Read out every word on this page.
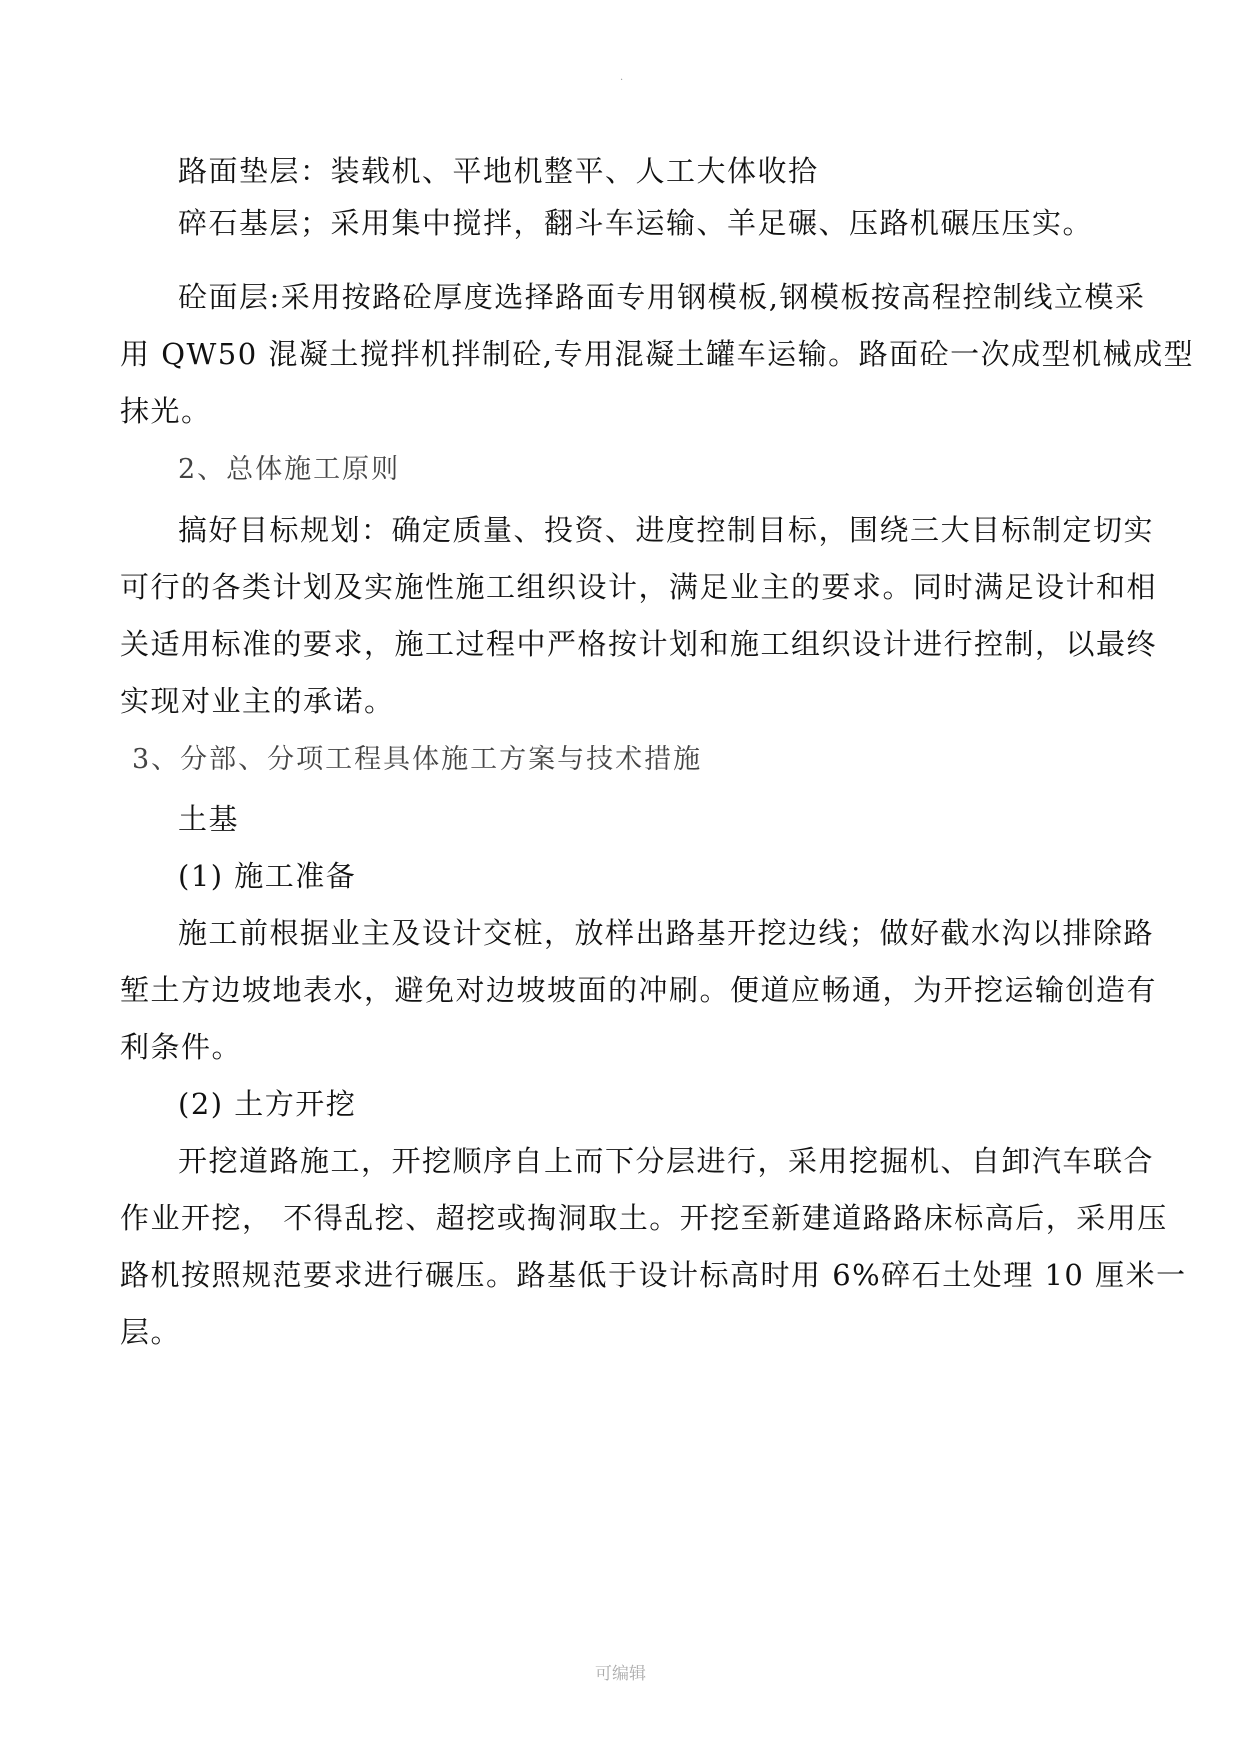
.
路面垫层：装载机、平地机整平、人工大体收拾
碎石基层；采用集中搅拌，翻斗车运输、羊足碾、压路机碾压压实。
砼面层:采用按路砼厚度选择路面专用钢模板,钢模板按高程控制线立模采
用 QW50 混凝土搅拌机拌制砼,专用混凝土罐车运输。路面砼一次成型机械成型
抹光。
2、总体施工原则
搞好目标规划：确定质量、投资、进度控制目标，围绕三大目标制定切实
可行的各类计划及实施性施工组织设计，满足业主的要求。同时满足设计和相
关适用标准的要求，施工过程中严格按计划和施工组织设计进行控制，以最终
实现对业主的承诺。
3、分部、分项工程具体施工方案与技术措施
土基
(1) 施工准备
施工前根据业主及设计交桩，放样出路基开挖边线；做好截水沟以排除路
堑土方边坡地表水，避免对边坡坡面的冲刷。便道应畅通，为开挖运输创造有
利条件。
(2) 土方开挖
开挖道路施工，开挖顺序自上而下分层进行，采用挖掘机、自卸汽车联合
作业开挖， 不得乱挖、超挖或掏洞取土。开挖至新建道路路床标高后，采用压
路机按照规范要求进行碾压。路基低于设计标高时用 6%碎石土处理 10 厘米一
层。
可编辑
